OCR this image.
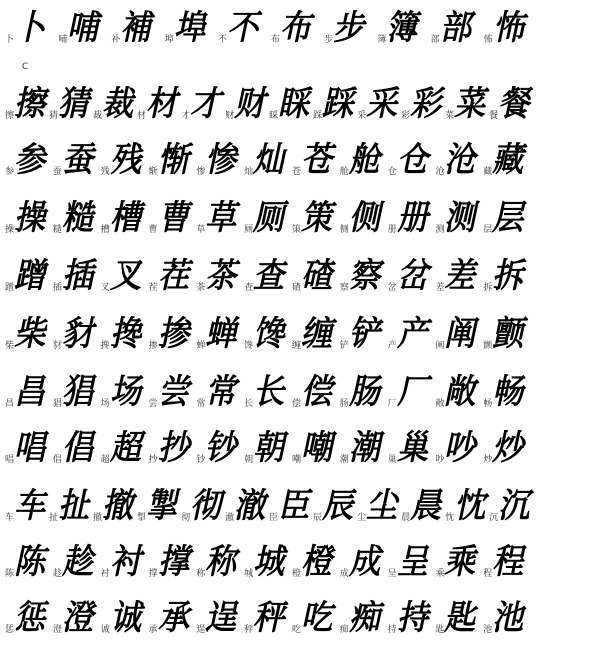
C
卜
卜 哺
哺 补
補 埠
埠 不
不 布
布 步
步 簿
簿 部
部 怖
怖
擦
擦
猜
猜
裁
裁
材
材
才
才
财
财
睬
睬
踩
踩
采
采
彩
彩
菜
菜
餐
餐
参
参 蚕
蚕 残
残 惭
惭 惨
惨 灿
灿 苍
苍 舱
舱 仓
仓 沧
沧 藏
藏
操
操 糙
糙 槽
槽 曹
曹 草
草 厕
厕 策
策 侧
侧 册
册 测
测 层
层
蹭
蹭 插
插 叉
叉 茬
茬 茶
茶 查
查 碴
碴 察
察 岔
岔 差
差 拆
拆
柴
柴 豺
豺 搀
搀 掺
掺 蝉
蝉 馋
馋 缠
缠 铲
铲 产
产 阐
阐 颤
颤
昌
昌 猖
猖 场
场 尝
尝 常
常 长
长 偿
偿 肠
肠 厂
厂 敞
敞 畅
畅
唱
唱 倡
倡 超
超 抄
抄 钞
钞 朝
朝 嘲
嘲 潮
潮 巢
巢 吵
吵 炒
炒
车
车
扯
扯
撤
撤
掣
掣
彻
彻
澈
澈
臣
臣
辰
辰
尘
尘
晨
晨
忱
忱
沉
沉
陈
陈 趁
趁 衬
衬 撑
撑 称
称 城
城 橙
橙 成
成 呈
呈 乘
乘 程
程
惩
惩 澄
澄 诚
诚 承
承 逞
逞 秤
秤 吃
吃 痴
痴 持
持 匙
匙 池
池
